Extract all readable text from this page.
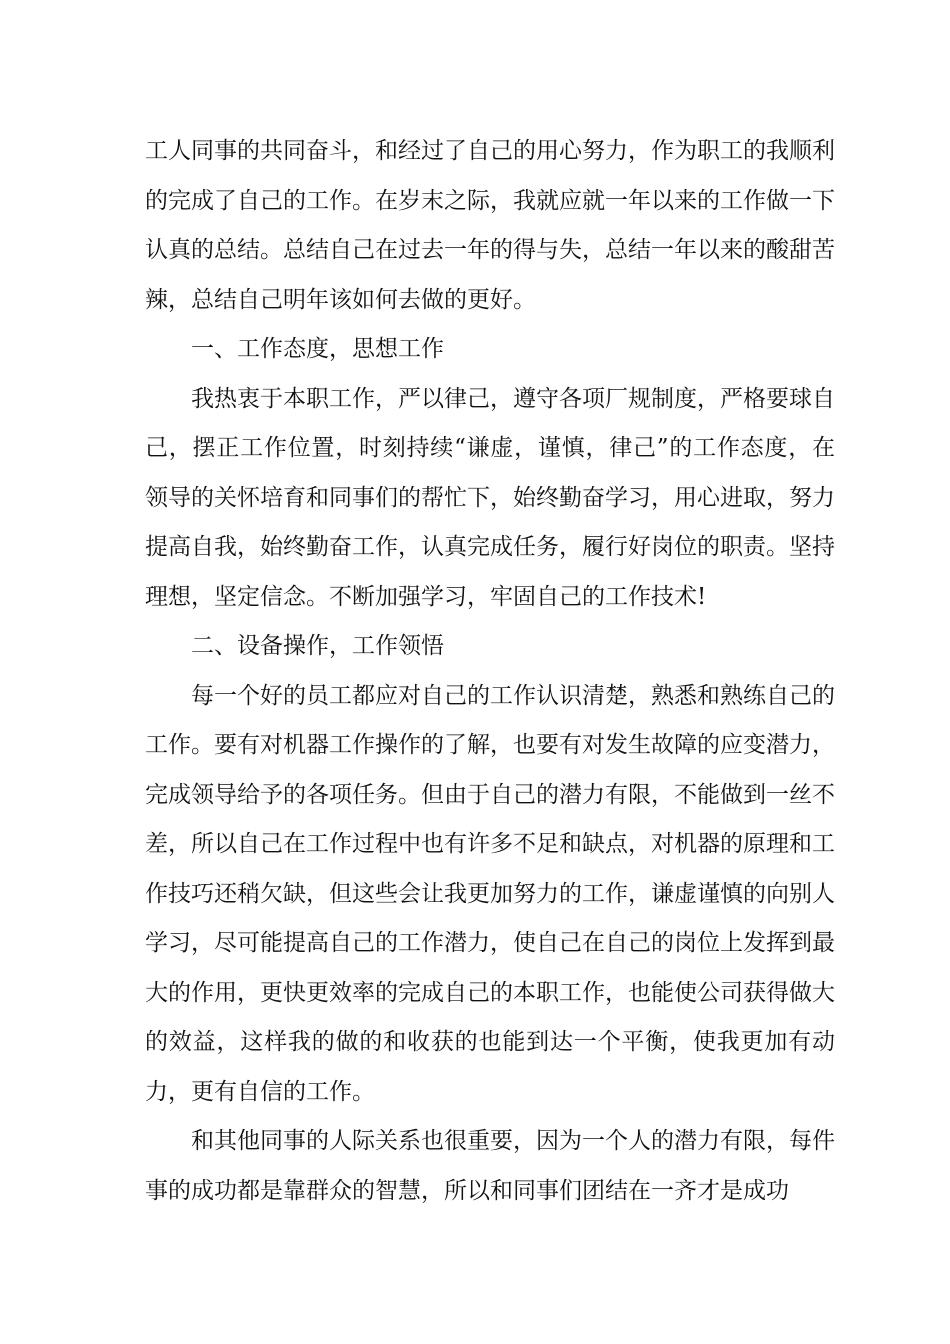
工人同事的共同奋斗，和经过了自己的用心努力，作为职工的我顺利的完成了自己的工作。在岁末之际，我就应就一年以来的工作做一下认真的总结。总结自己在过去一年的得与失，总结一年以来的酸甜苦辣，总结自己明年该如何去做的更好。

一、工作态度，思想工作

我热衷于本职工作，严以律己，遵守各项厂规制度，严格要球自己，摆正工作位置，时刻持续“谦虚，谨慎，律己”的工作态度，在领导的关怀培育和同事们的帮忙下，始终勤奋学习，用心进取，努力提高自我，始终勤奋工作，认真完成任务，履行好岗位的职责。坚持理想，坚定信念。不断加强学习，牢固自己的工作技术!

二、设备操作，工作领悟

每一个好的员工都应对自己的工作认识清楚，熟悉和熟练自己的工作。要有对机器工作操作的了解，也要有对发生故障的应变潜力，完成领导给予的各项任务。但由于自己的潜力有限，不能做到一丝不差，所以自己在工作过程中也有许多不足和缺点，对机器的原理和工作技巧还稍欠缺，但这些会让我更加努力的工作，谦虚谨慎的向别人学习，尽可能提高自己的工作潜力，使自己在自己的岗位上发挥到最大的作用，更快更效率的完成自己的本职工作，也能使公司获得做大的效益，这样我的做的和收获的也能到达一个平衡，使我更加有动力，更有自信的工作。

和其他同事的人际关系也很重要，因为一个人的潜力有限，每件事的成功都是靠群众的智慧，所以和同事们团结在一齐才是成功
